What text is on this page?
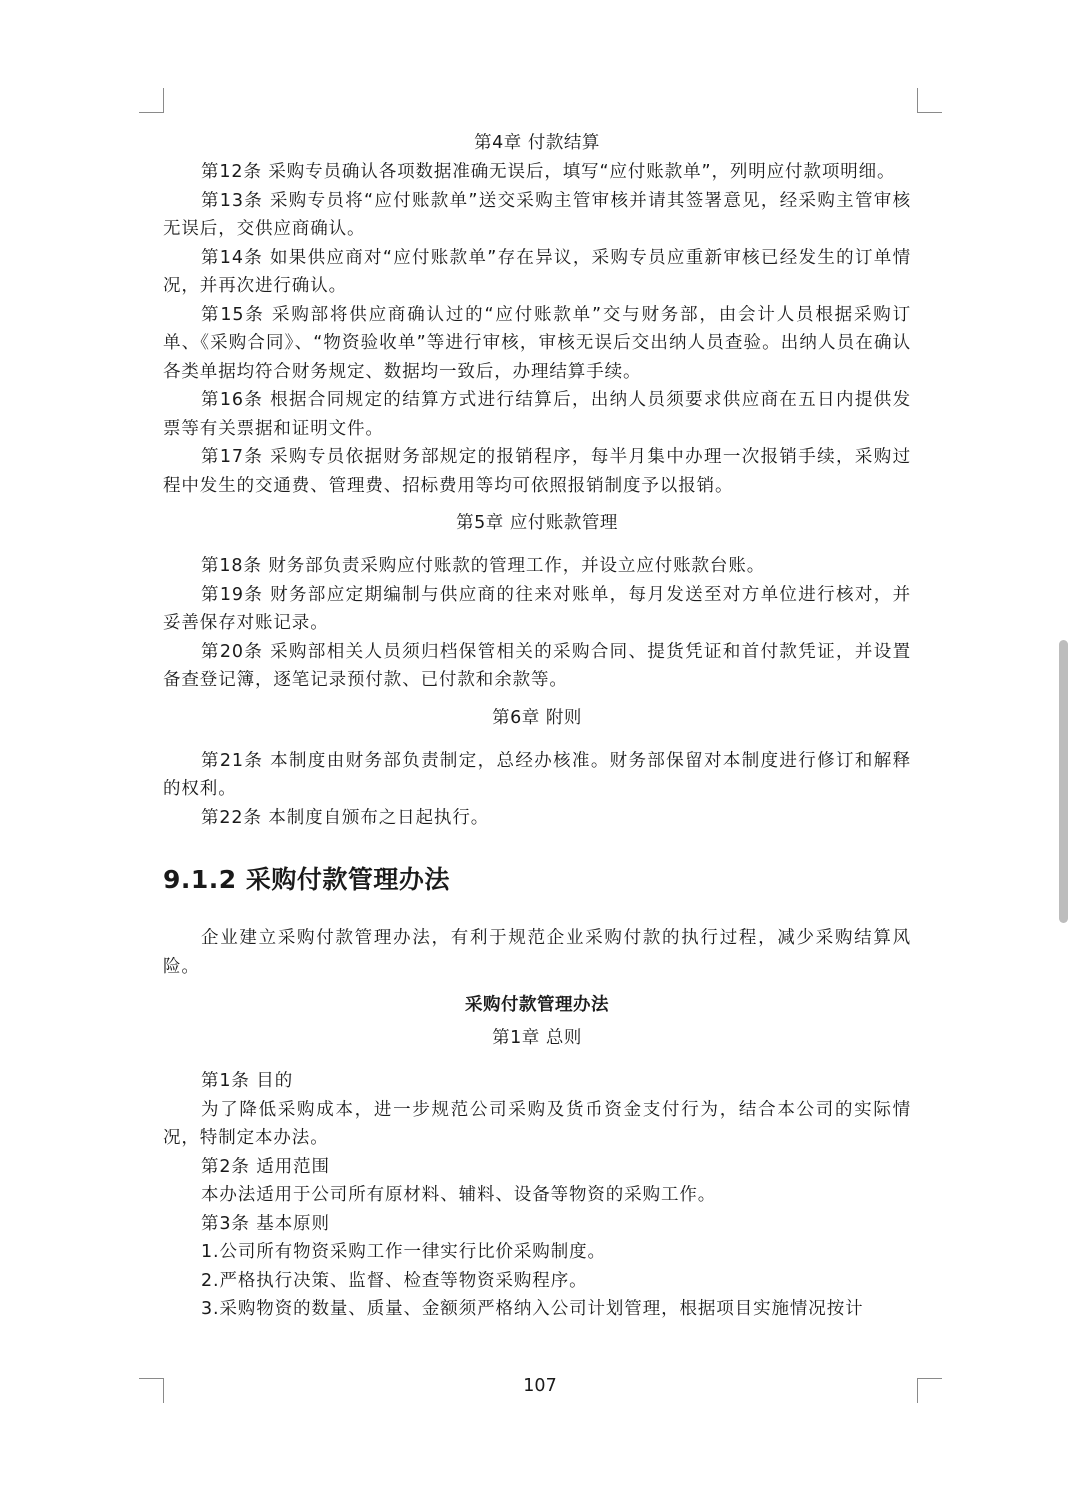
第4章 付款结算

第12条 采购专员确认各项数据准确无误后，填写“应付账款单”，列明应付款项明细。

第13条 采购专员将“应付账款单”送交采购主管审核并请其签署意见，经采购主管审核无误后，交供应商确认。

第14条 如果供应商对“应付账款单”存在异议，采购专员应重新审核已经发生的订单情况，并再次进行确认。

第15条 采购部将供应商确认过的“应付账款单”交与财务部，由会计人员根据采购订单、《采购合同》、“物资验收单”等进行审核，审核无误后交出纳人员查验。出纳人员在确认各类单据均符合财务规定、数据均一致后，办理结算手续。

第16条 根据合同规定的结算方式进行结算后，出纳人员须要求供应商在五日内提供发票等有关票据和证明文件。

第17条 采购专员依据财务部规定的报销程序，每半月集中办理一次报销手续，采购过程中发生的交通费、管理费、招标费用等均可依照报销制度予以报销。

第5章 应付账款管理

第18条 财务部负责采购应付账款的管理工作，并设立应付账款台账。

第19条 财务部应定期编制与供应商的往来对账单，每月发送至对方单位进行核对，并妥善保存对账记录。

第20条 采购部相关人员须归档保管相关的采购合同、提货凭证和首付款凭证，并设置备查登记簿，逐笔记录预付款、已付款和余款等。

第6章 附则

第21条 本制度由财务部负责制定，总经办核准。财务部保留对本制度进行修订和解释的权利。

第22条 本制度自颁布之日起执行。

9.1.2 采购付款管理办法

企业建立采购付款管理办法，有利于规范企业采购付款的执行过程，减少采购结算风险。

采购付款管理办法
第1章 总则

第1条 目的

为了降低采购成本，进一步规范公司采购及货币资金支付行为，结合本公司的实际情况，特制定本办法。

第2条 适用范围

本办法适用于公司所有原材料、辅料、设备等物资的采购工作。

第3条 基本原则

1.公司所有物资采购工作一律实行比价采购制度。

2.严格执行决策、监督、检查等物资采购程序。

3.采购物资的数量、质量、金额须严格纳入公司计划管理，根据项目实施情况按计

107
